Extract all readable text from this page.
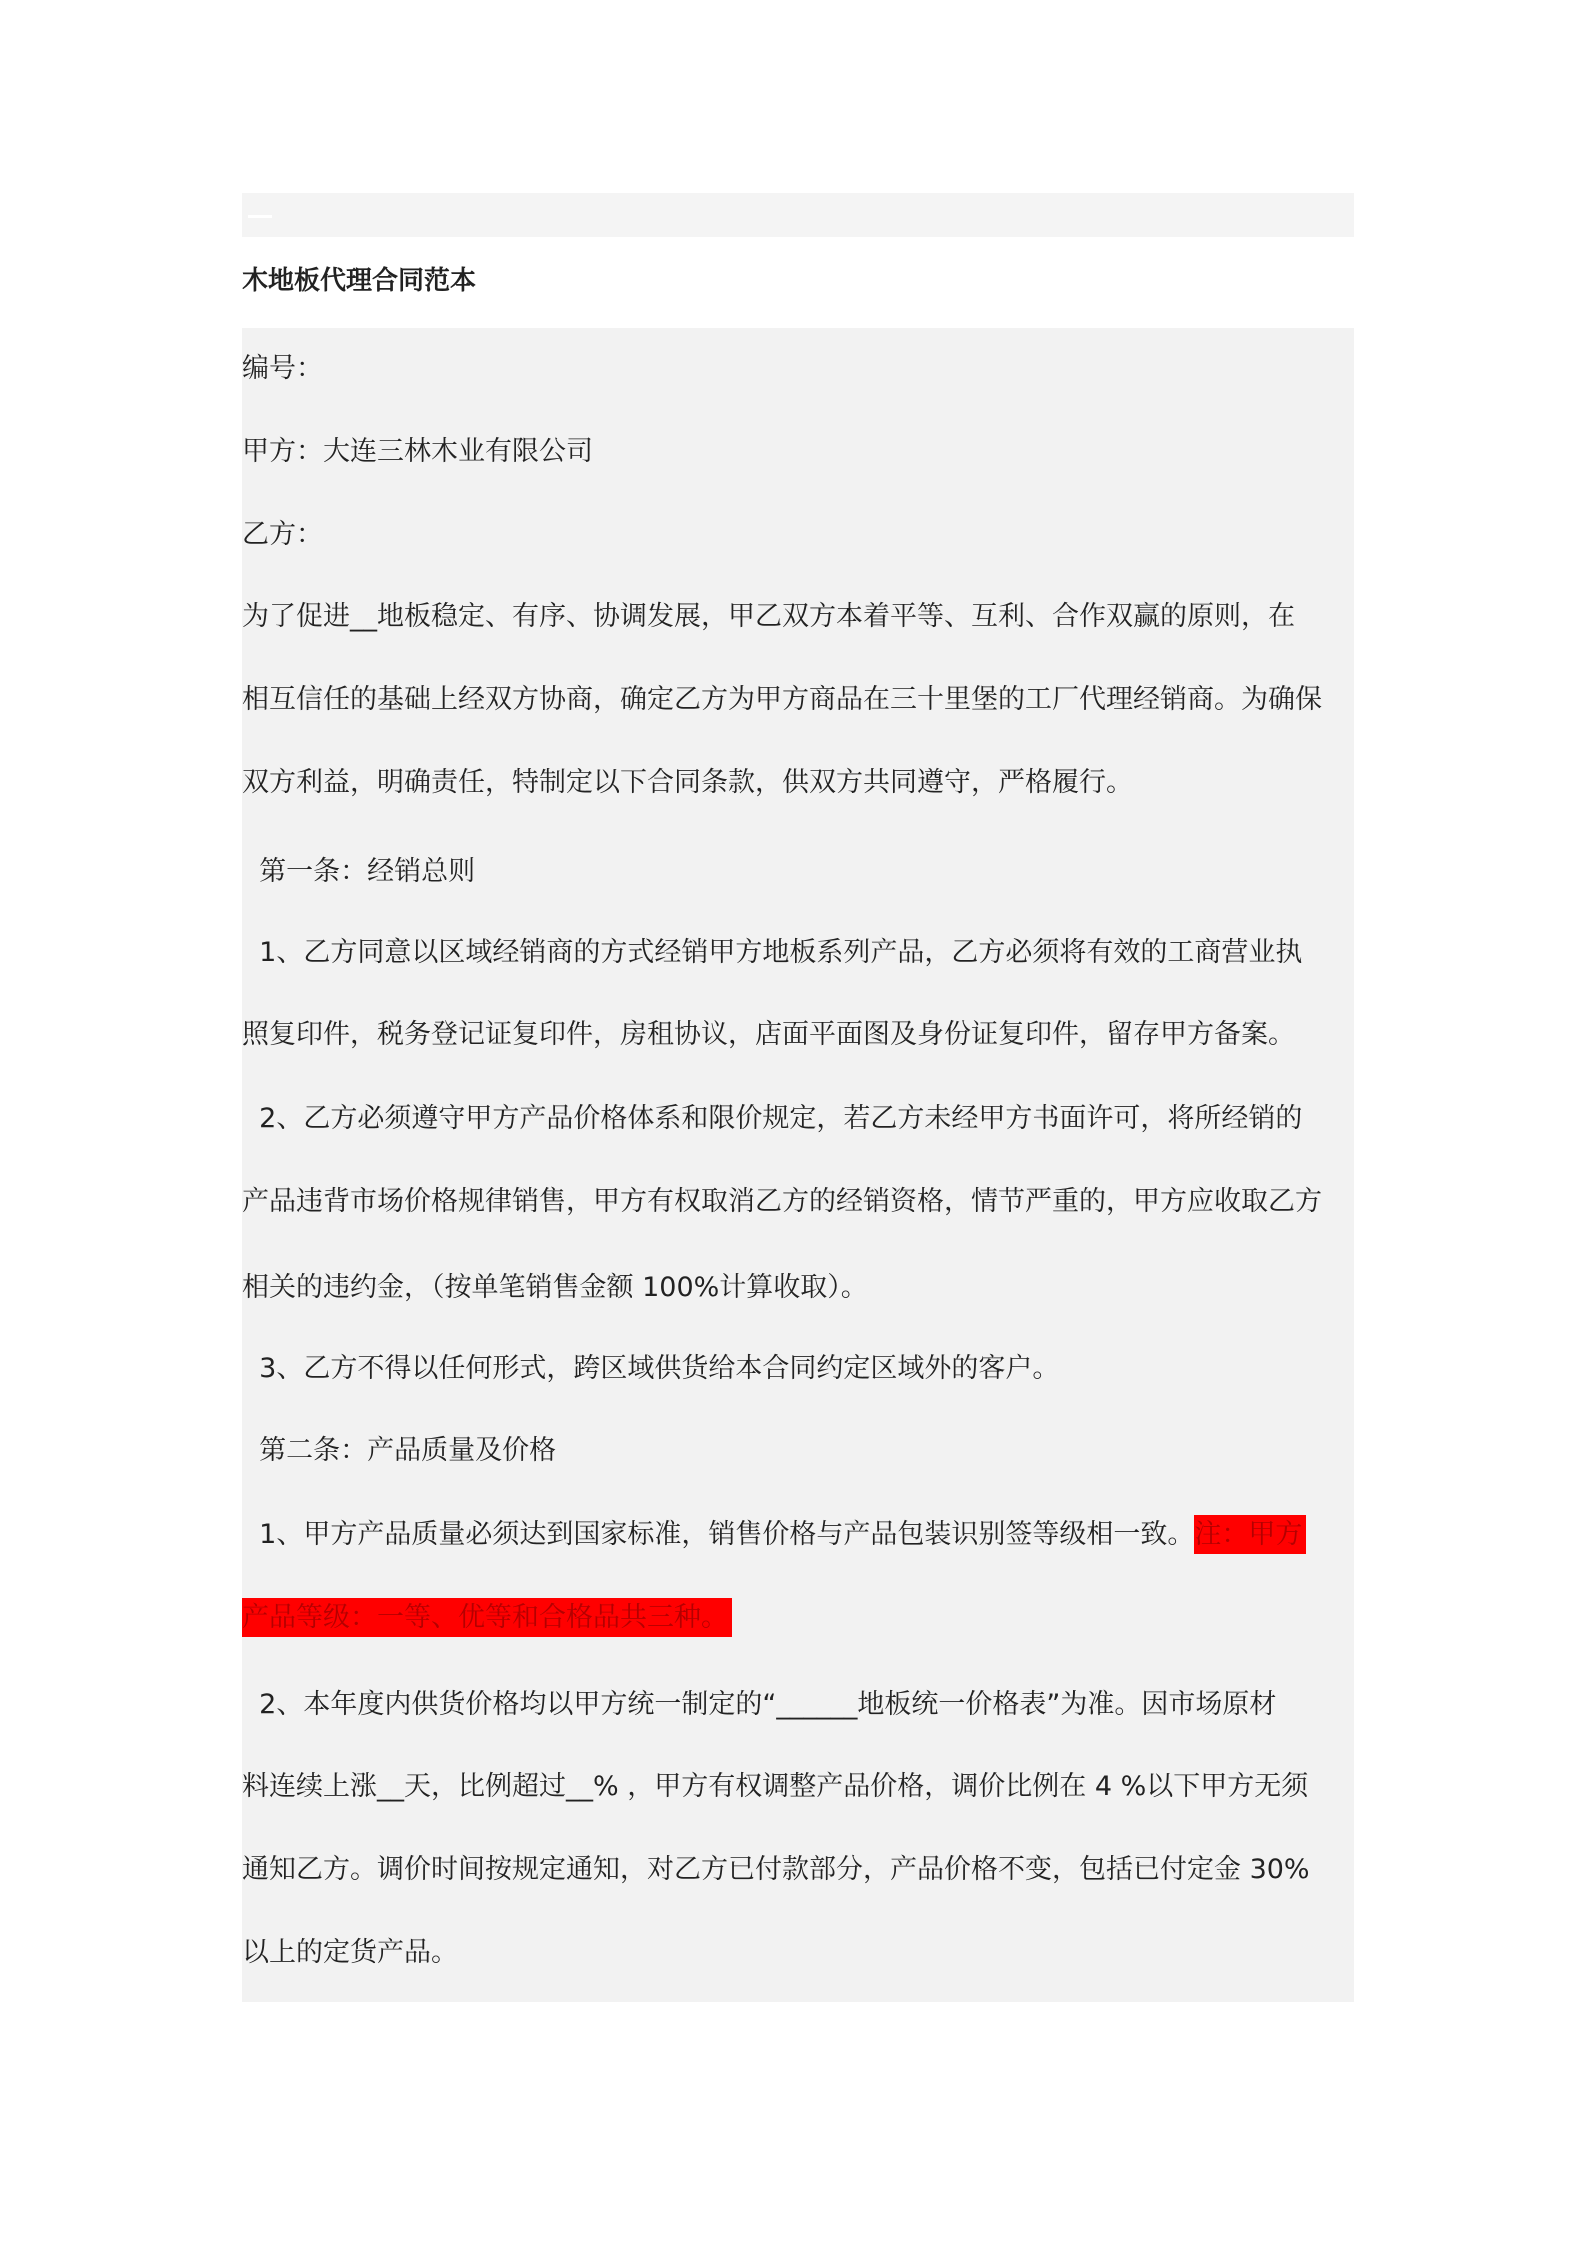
木地板代理合同范本
编号：
甲方：大连三林木业有限公司
乙方：
为了促进__地板稳定、有序、协调发展，甲乙双方本着平等、互利、合作双赢的原则，在
相互信任的基础上经双方协商，确定乙方为甲方商品在三十里堡的工厂代理经销商。为确保
双方利益，明确责任，特制定以下合同条款，供双方共同遵守，严格履行。
第一条：经销总则
1、乙方同意以区域经销商的方式经销甲方地板系列产品，乙方必须将有效的工商营业执
照复印件，税务登记证复印件，房租协议，店面平面图及身份证复印件，留存甲方备案。
2、乙方必须遵守甲方产品价格体系和限价规定，若乙方未经甲方书面许可，将所经销的
产品违背市场价格规律销售，甲方有权取消乙方的经销资格，情节严重的，甲方应收取乙方
相关的违约金，（按单笔销售金额 100%计算收取）。
3、乙方不得以任何形式，跨区域供货给本合同约定区域外的客户。
第二条：产品质量及价格
1、甲方产品质量必须达到国家标准，销售价格与产品包装识别签等级相一致。注：甲方
产品等级：一等、优等和合格品共三种。
2、本年度内供货价格均以甲方统一制定的“______地板统一价格表”为准。因市场原材
料连续上涨__天，比例超过__% ，甲方有权调整产品价格，调价比例在 4 %以下甲方无须
通知乙方。调价时间按规定通知，对乙方已付款部分，产品价格不变，包括已付定金 30%
以上的定货产品。
